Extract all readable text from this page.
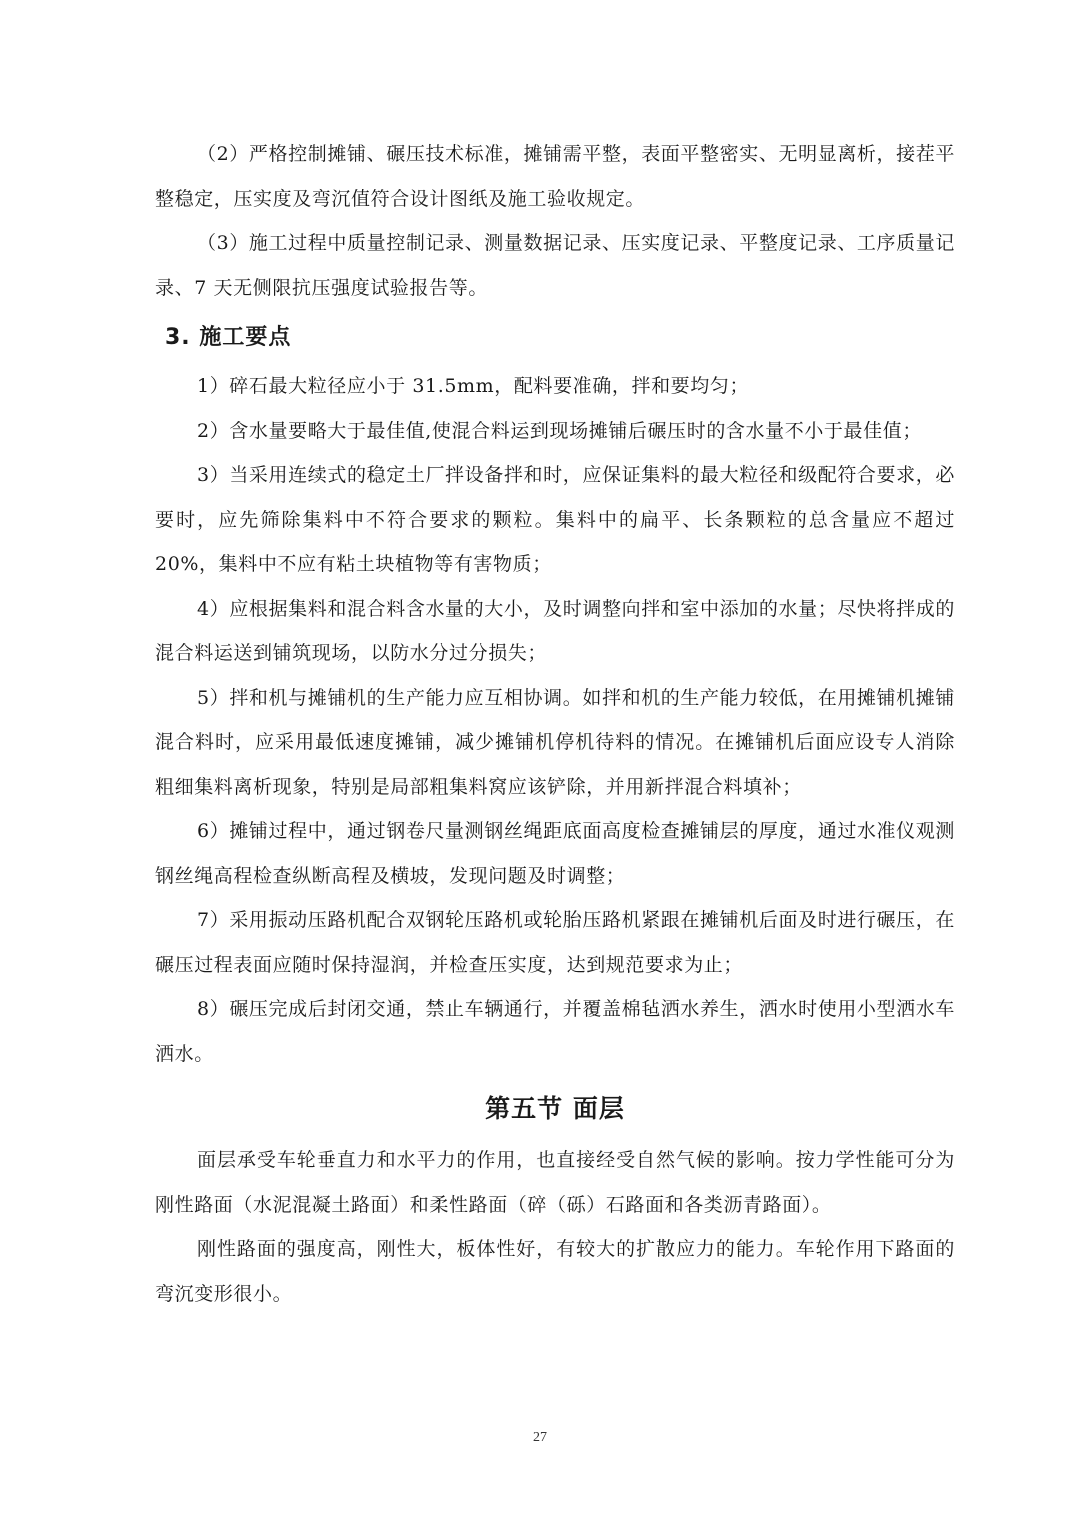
（2）严格控制摊铺、碾压技术标准，摊铺需平整，表面平整密实、无明显离析，接茬平整稳定，压实度及弯沉值符合设计图纸及施工验收规定。

（3）施工过程中质量控制记录、测量数据记录、压实度记录、平整度记录、工序质量记录、7 天无侧限抗压强度试验报告等。

3. 施工要点

1）碎石最大粒径应小于 31.5mm，配料要准确，拌和要均匀；

2）含水量要略大于最佳值,使混合料运到现场摊铺后碾压时的含水量不小于最佳值；

3）当采用连续式的稳定土厂拌设备拌和时，应保证集料的最大粒径和级配符合要求，必要时，应先筛除集料中不符合要求的颗粒。集料中的扁平、长条颗粒的总含量应不超过 20%，集料中不应有粘土块植物等有害物质；

4）应根据集料和混合料含水量的大小，及时调整向拌和室中添加的水量；尽快将拌成的混合料运送到铺筑现场，以防水分过分损失；

5）拌和机与摊铺机的生产能力应互相协调。如拌和机的生产能力较低，在用摊铺机摊铺混合料时，应采用最低速度摊铺，减少摊铺机停机待料的情况。在摊铺机后面应设专人消除粗细集料离析现象，特别是局部粗集料窝应该铲除，并用新拌混合料填补；

6）摊铺过程中，通过钢卷尺量测钢丝绳距底面高度检查摊铺层的厚度，通过水准仪观测钢丝绳高程检查纵断高程及横坡，发现问题及时调整；

7）采用振动压路机配合双钢轮压路机或轮胎压路机紧跟在摊铺机后面及时进行碾压，在碾压过程表面应随时保持湿润，并检查压实度，达到规范要求为止；

8）碾压完成后封闭交通，禁止车辆通行，并覆盖棉毡洒水养生，洒水时使用小型洒水车洒水。

第五节 面层

面层承受车轮垂直力和水平力的作用，也直接经受自然气候的影响。按力学性能可分为刚性路面（水泥混凝土路面）和柔性路面（碎（砾）石路面和各类沥青路面）。

刚性路面的强度高，刚性大，板体性好，有较大的扩散应力的能力。车轮作用下路面的弯沉变形很小。

27
